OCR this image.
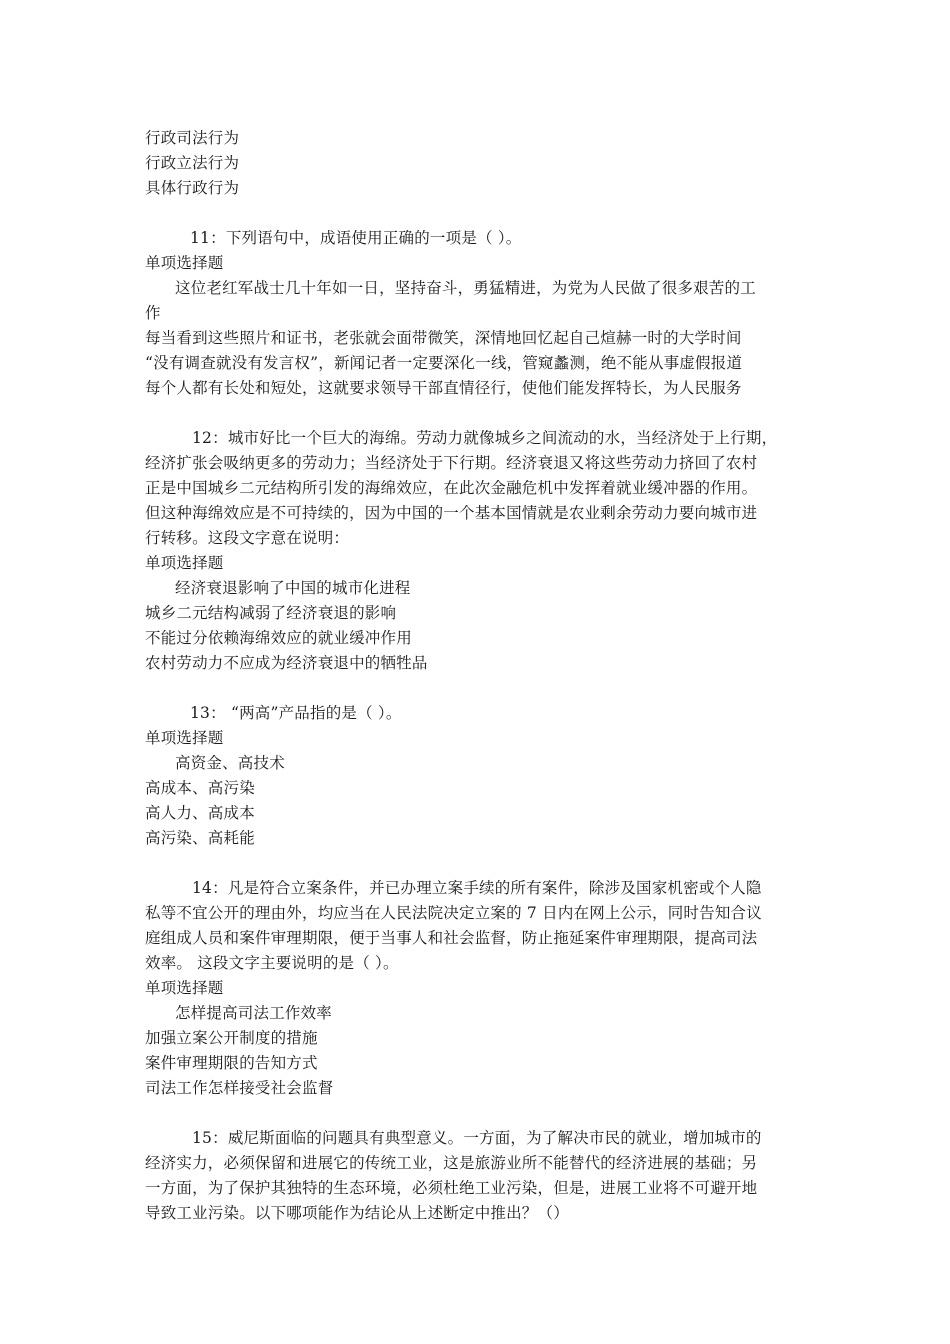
行政司法行为
行政立法行为
具体行政行为
11：下列语句中，成语使用正确的一项是（ ）。
单项选择题
这位老红军战士几十年如一日，坚持奋斗，勇猛精进，为党为人民做了很多艰苦的工
作
每当看到这些照片和证书，老张就会面带微笑，深情地回忆起自己煊赫一时的大学时间
“没有调查就没有发言权”，新闻记者一定要深化一线，管窥蠡测，绝不能从事虚假报道
每个人都有长处和短处，这就要求领导干部直情径行，使他们能发挥特长，为人民服务
12：城市好比一个巨大的海绵。劳动力就像城乡之间流动的水，当经济处于上行期，
经济扩张会吸纳更多的劳动力；当经济处于下行期。经济衰退又将这些劳动力挤回了农村
正是中国城乡二元结构所引发的海绵效应，在此次金融危机中发挥着就业缓冲器的作用。
但这种海绵效应是不可持续的，因为中国的一个基本国情就是农业剩余劳动力要向城市进
行转移。这段文字意在说明：
单项选择题
经济衰退影响了中国的城市化进程
城乡二元结构减弱了经济衰退的影响
不能过分依赖海绵效应的就业缓冲作用
农村劳动力不应成为经济衰退中的牺牲品
13： “两高”产品指的是（ ）。
单项选择题
高资金、高技术
高成本、高污染
高人力、高成本
高污染、高耗能
14：凡是符合立案条件，并已办理立案手续的所有案件，除涉及国家机密或个人隐
私等不宜公开的理由外，均应当在人民法院决定立案的 7 日内在网上公示，同时告知合议
庭组成人员和案件审理期限，便于当事人和社会监督，防止拖延案件审理期限，提高司法
效率。 这段文字主要说明的是（ ）。
单项选择题
怎样提高司法工作效率
加强立案公开制度的措施
案件审理期限的告知方式
司法工作怎样接受社会监督
15：威尼斯面临的问题具有典型意义。一方面，为了解决市民的就业，增加城市的
经济实力，必须保留和进展它的传统工业，这是旅游业所不能替代的经济进展的基础；另
一方面，为了保护其独特的生态环境，必须杜绝工业污染，但是，进展工业将不可避开地
导致工业污染。以下哪项能作为结论从上述断定中推出？（）
